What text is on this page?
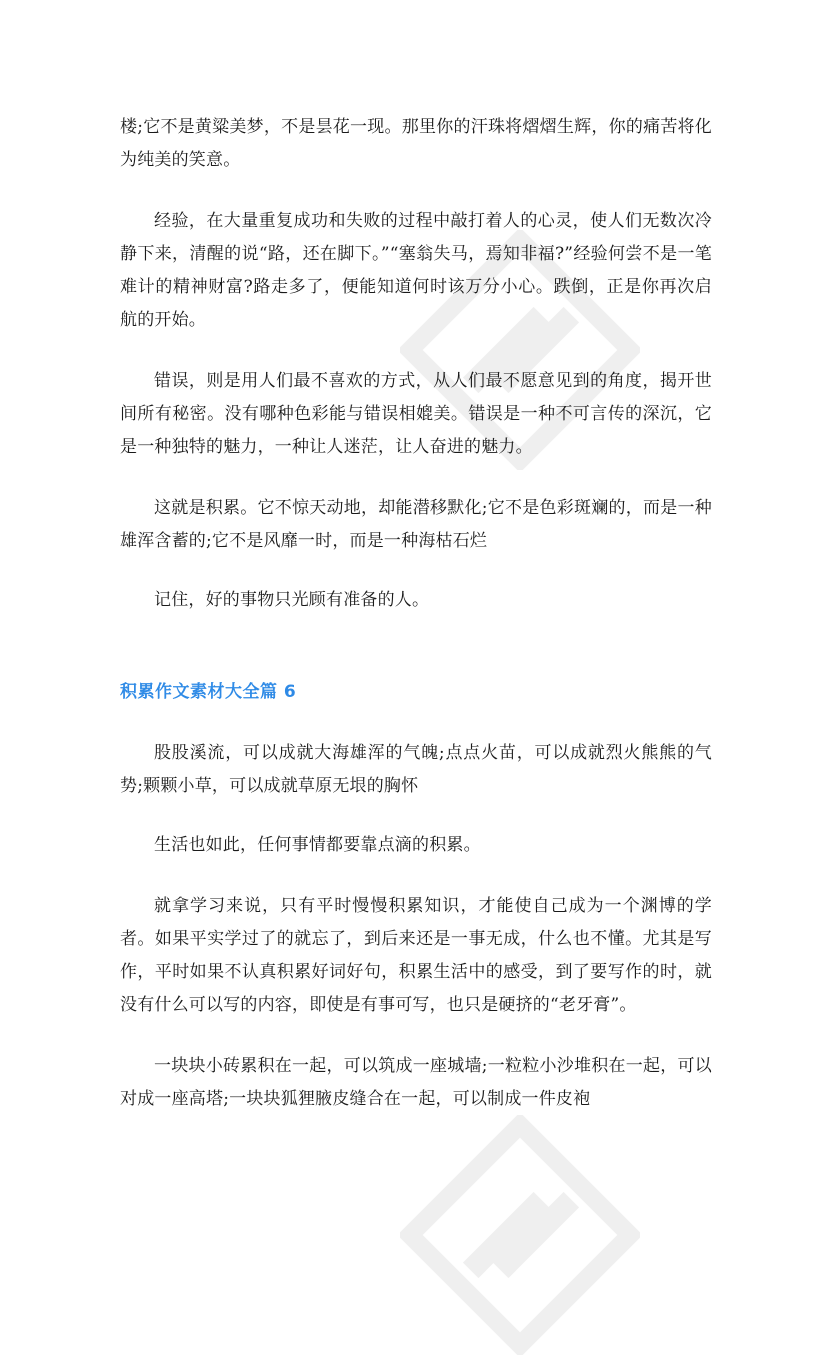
楼;它不是黄粱美梦，不是昙花一现。那里你的汗珠将熠熠生辉，你的痛苦将化为纯美的笑意。

经验，在大量重复成功和失败的过程中敲打着人的心灵，使人们无数次冷静下来，清醒的说“路，还在脚下。”“塞翁失马，焉知非福?”经验何尝不是一笔难计的精神财富?路走多了，便能知道何时该万分小心。跌倒，正是你再次启航的开始。

错误，则是用人们最不喜欢的方式，从人们最不愿意见到的角度，揭开世间所有秘密。没有哪种色彩能与错误相媲美。错误是一种不可言传的深沉，它是一种独特的魅力，一种让人迷茫，让人奋进的魅力。

这就是积累。它不惊天动地，却能潜移默化;它不是色彩斑斓的，而是一种雄浑含蓄的;它不是风靡一时，而是一种海枯石烂

记住，好的事物只光顾有准备的人。

积累作文素材大全篇 6

股股溪流，可以成就大海雄浑的气魄;点点火苗，可以成就烈火熊熊的气势;颗颗小草，可以成就草原无垠的胸怀

生活也如此，任何事情都要靠点滴的积累。

就拿学习来说，只有平时慢慢积累知识，才能使自己成为一个渊博的学者。如果平实学过了的就忘了，到后来还是一事无成，什么也不懂。尤其是写作，平时如果不认真积累好词好句，积累生活中的感受，到了要写作的时，就没有什么可以写的内容，即使是有事可写，也只是硬挤的“老牙膏”。

一块块小砖累积在一起，可以筑成一座城墙;一粒粒小沙堆积在一起，可以对成一座高塔;一块块狐狸腋皮缝合在一起，可以制成一件皮袍
